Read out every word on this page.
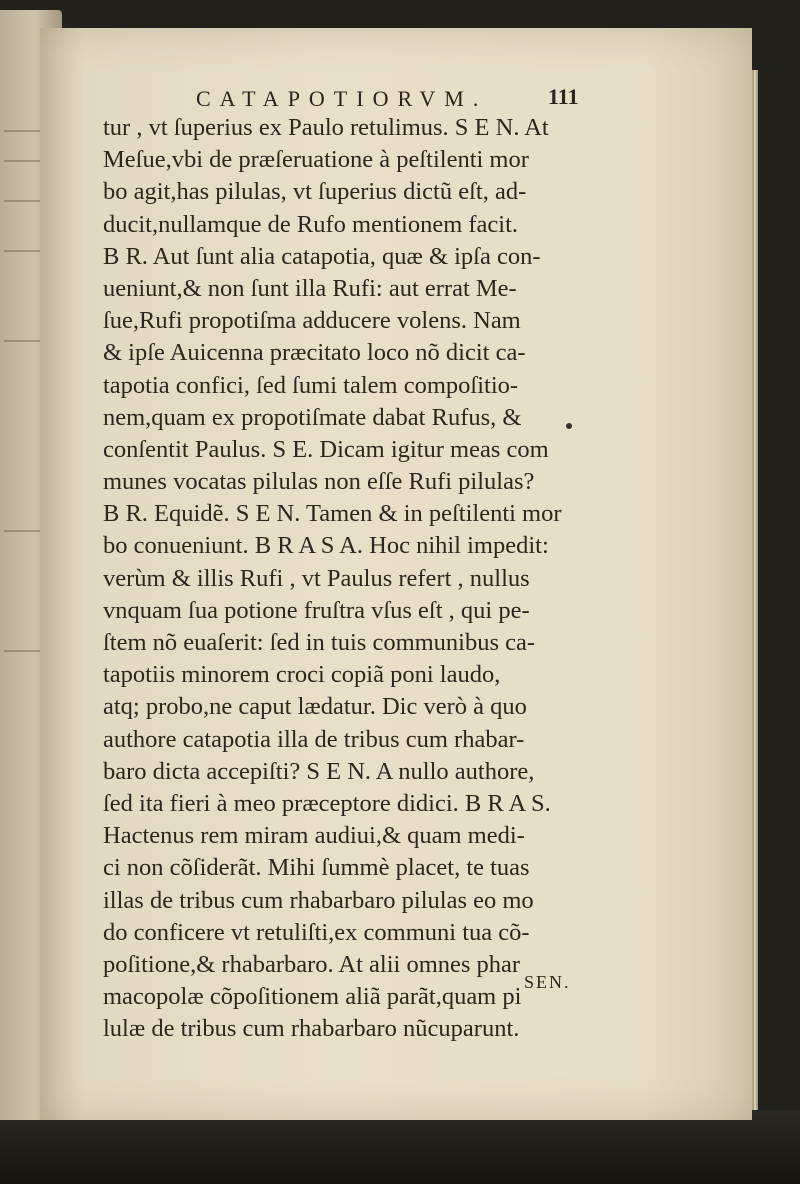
CATAPOTIORVM.	111
tur , vt ſuperius ex Paulo retulimus. S E N. At
Meſue,vbi de præſeruatione à peſtilenti mor
bo agit,has pilulas, vt ſuperius dictũ eſt, ad-
ducit,nullamque de Rufo mentionem facit.
B R. Aut ſunt alia catapotia, quæ & ipſa con-
ueniunt,& non ſunt illa Rufi: aut errat Me-
ſue,Rufi propotiſma adducere volens. Nam
& ipſe Auicenna præcitato loco nõ dicit ca-
tapotia confici, ſed ſumi talem compoſitio-
nem,quam ex propotiſmate dabat Rufus, &
conſentit Paulus. S E. Dicam igitur meas com
munes vocatas pilulas non eſſe Rufi pilulas?
B R. Equidẽ. S E N. Tamen & in peſtilenti mor
bo conueniunt. B R A S A. Hoc nihil impedit:
verùm & illis Rufi , vt Paulus refert , nullus
vnquam ſua potione fruſtra vſus eſt , qui pe-
ſtem nõ euaſerit: ſed in tuis communibus ca-
tapotiis minorem croci copiã poni laudo,
atq; probo,ne caput lædatur. Dic verò à quo
authore catapotia illa de tribus cum rhabar-
baro dicta accepiſti? S E N. A nullo authore,
ſed ita fieri à meo præceptore didici. B R A S.
Hactenus rem miram audiui,& quam medi-
ci non cõſiderãt. Mihi ſummè placet, te tuas
illas de tribus cum rhabarbaro pilulas eo mo
do conficere vt retuliſti,ex communi tua cõ-
poſitione,& rhabarbaro. At alii omnes phar
macopolæ cõpoſitionem aliã parãt,quam pi
lulæ de tribus cum rhabarbaro nũcuparunt.
SEN.
